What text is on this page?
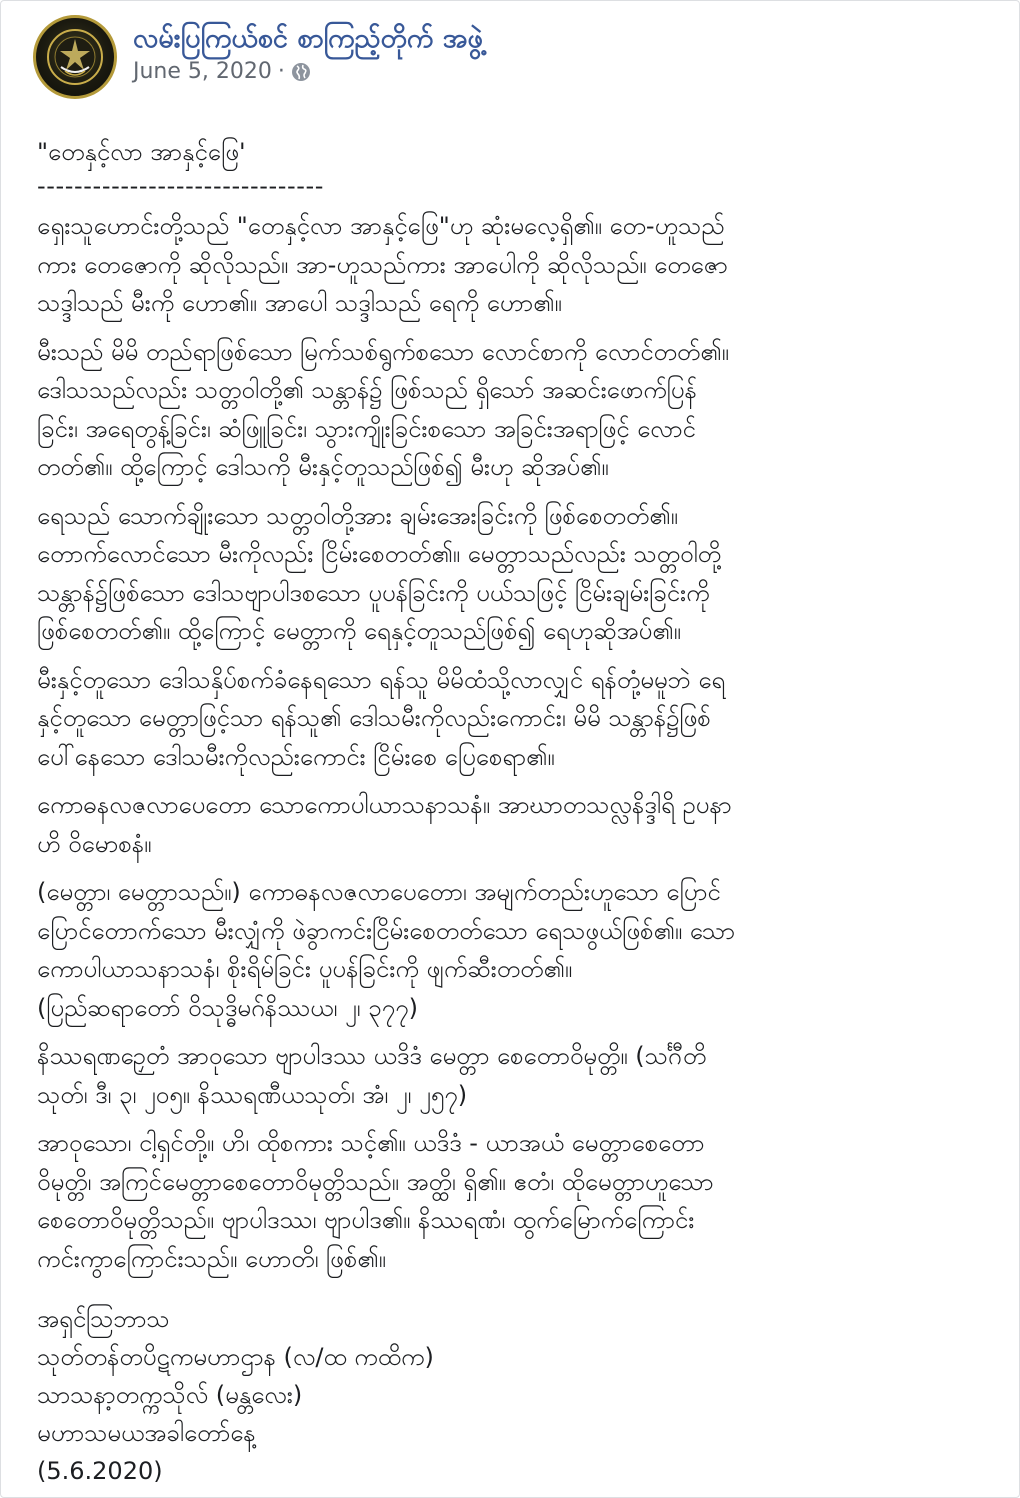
လမ်းပြကြယ်စင် စာကြည့်တိုက် အဖွဲ့
June 5, 2020 ·
"တေနှင့်လာ အာနှင့်ဖြေ'
-------------------------------
ရှေးသူဟောင်းတို့သည် "တေနှင့်လာ အာနှင့်ဖြေ"ဟု ဆုံးမလေ့ရှိ၏။ တေ-ဟူသည်
ကား တေဇောကို ဆိုလိုသည်။ အာ-ဟူသည်ကား အာပေါကို ဆိုလိုသည်။ တေဇော
သဒ္ဒါသည် မီးကို ဟော၏။ အာပေါ သဒ္ဒါသည် ရေကို ဟော၏။
မီးသည် မိမိ တည်ရာဖြစ်သော မြက်သစ်ရွက်စသော လောင်စာကို လောင်တတ်၏။
ဒေါသသည်လည်း သတ္တဝါတို့၏ သန္တာန်၌ ဖြစ်သည် ရှိသော် အဆင်းဖောက်ပြန်
ခြင်း၊ အရေတွန့်ခြင်း၊ ဆံဖြူခြင်း၊ သွားကျိုးခြင်းစသော အခြင်းအရာဖြင့် လောင်
တတ်၏။ ထို့ကြောင့် ဒေါသကို မီးနှင့်တူသည်ဖြစ်၍ မီးဟု ဆိုအပ်၏။
ရေသည် သောက်ချိုးသော သတ္တဝါတို့အား ချမ်းအေးခြင်းကို ဖြစ်စေတတ်၏။
တောက်လောင်သော မီးကိုလည်း ငြိမ်းစေတတ်၏။ မေတ္တာသည်လည်း သတ္တဝါတို့
သန္တာန်၌ဖြစ်သော ဒေါသဗျာပါဒစသော ပူပန်ခြင်းကို ပယ်သဖြင့် ငြိမ်းချမ်းခြင်းကို
ဖြစ်စေတတ်၏။ ထို့ကြောင့် မေတ္တာကို ရေနှင့်တူသည်ဖြစ်၍ ရေဟုဆိုအပ်၏။
မီးနှင့်တူသော ဒေါသနှိပ်စက်ခံနေရသော ရန်သူ မိမိထံသို့လာလျှင် ရန်တုံ့မမူဘဲ ရေ
နှင့်တူသော မေတ္တာဖြင့်သာ ရန်သူ၏ ဒေါသမီးကိုလည်းကောင်း၊ မိမိ သန္တာန်၌ဖြစ်
ပေါ်နေသော ဒေါသမီးကိုလည်းကောင်း ငြိမ်းစေ ပြေစေရာ၏။
ကောဓနလဇလာပေတော သောကောပါယာသနာသနံ။ အာဃာတသလ္လနိဒ္ဒါရိ ဥပနာ
ဟိ ဝိမောစနံ။
(မေတ္တာ၊ မေတ္တာသည်။) ကောဓနလဇလာပေတော၊ အမျက်တည်းဟူသော ပြောင်
ပြောင်တောက်သော မီးလျှံကို ဖဲခွာကင်းငြိမ်းစေတတ်သော ရေသဖွယ်ဖြစ်၏။ သော
ကောပါယာသနာသနံ၊ စိုးရိမ်ခြင်း ပူပန်ခြင်းကို ဖျက်ဆီးတတ်၏။
(ပြည်ဆရာတော် ဝိသုဒ္ဓိမဂ်နိဿယ၊ ၂၊ ၃၇၇)
နိဿရဏဉှေတံ အာဝုသော ဗျာပါဒဿ ယဒိဒံ မေတ္တာ စေတောဝိမုတ္တိ။ (သင်္ဂီတိ
သုတ်၊ ဒီ၊ ၃၊ ၂၀၅။ နိဿရဏီယသုတ်၊ အံ၊ ၂၊ ၂၅၇)
အာဝုသော၊ ငါ့ရှင်တို့။ ဟိ၊ ထိုစကား သင့်၏။ ယဒိဒံ - ယာအယံ မေတ္တာစေတော
ဝိမုတ္တိ၊ အကြင်မေတ္တာစေတောဝိမုတ္တိသည်။ အတ္ထိ၊ ရှိ၏။ ဧတံ၊ ထိုမေတ္တာဟူသော
စေတောဝိမုတ္တိသည်။ ဗျာပါဒဿ၊ ဗျာပါဒ၏။ နိဿရဏံ၊ ထွက်မြောက်ကြောင်း
ကင်းကွာကြောင်းသည်။ ဟောတိ၊ ဖြစ်၏။
အရှင်ဩဘာသ
သုတ်တန်တပိဋကမဟာဌာန (လ/ထ ကထိက)
သာသနာ့တက္ကသိုလ် (မန္တလေး)
မဟာသမယအခါတော်နေ့
(5.6.2020)
